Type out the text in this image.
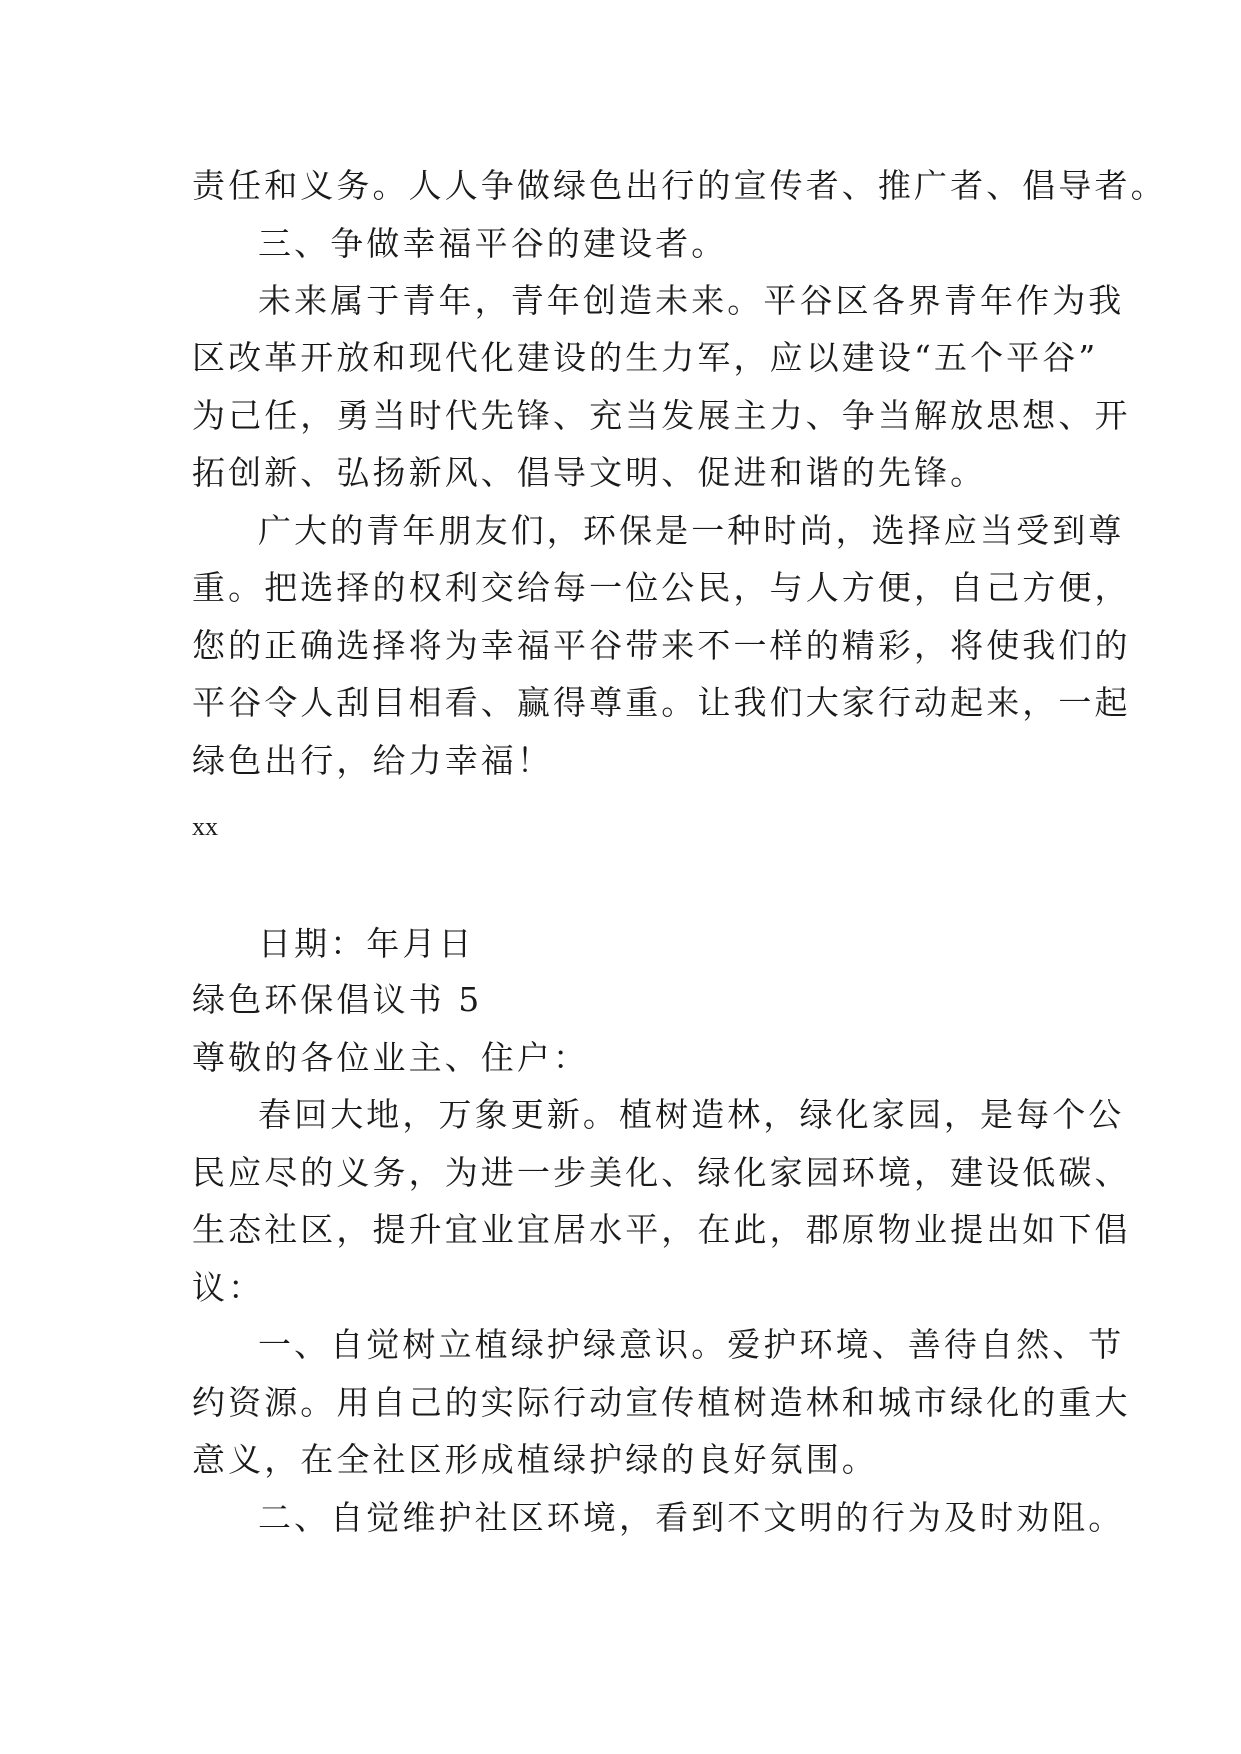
责任和义务。人人争做绿色出行的宣传者、推广者、倡导者。
三、争做幸福平谷的建设者。
未来属于青年，青年创造未来。平谷区各界青年作为我
区改革开放和现代化建设的生力军，应以建设“五个平谷”
为己任，勇当时代先锋、充当发展主力、争当解放思想、开
拓创新、弘扬新风、倡导文明、促进和谐的先锋。
广大的青年朋友们，环保是一种时尚，选择应当受到尊
重。把选择的权利交给每一位公民，与人方便，自己方便，
您的正确选择将为幸福平谷带来不一样的精彩，将使我们的
平谷令人刮目相看、赢得尊重。让我们大家行动起来，一起
绿色出行，给力幸福！
xx
日期：年月日
绿色环保倡议书 5
尊敬的各位业主、住户：
春回大地，万象更新。植树造林，绿化家园，是每个公
民应尽的义务，为进一步美化、绿化家园环境，建设低碳、
生态社区，提升宜业宜居水平，在此，郡原物业提出如下倡
议：
一、自觉树立植绿护绿意识。爱护环境、善待自然、节
约资源。用自己的实际行动宣传植树造林和城市绿化的重大
意义，在全社区形成植绿护绿的良好氛围。
二、自觉维护社区环境，看到不文明的行为及时劝阻。
